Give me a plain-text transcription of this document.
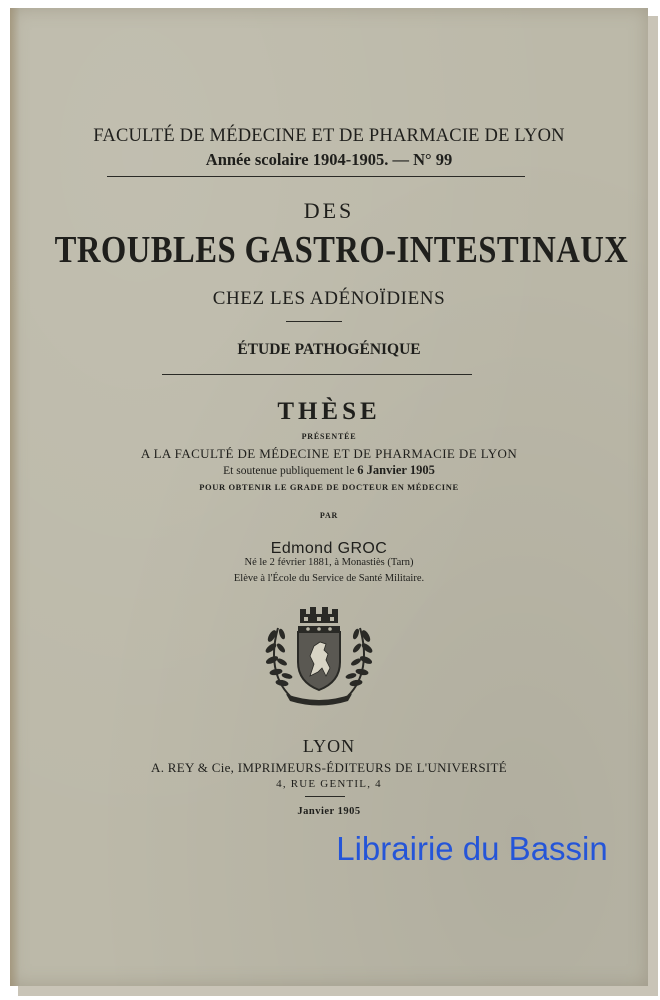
FACULTÉ DE MÉDECINE ET DE PHARMACIE DE LYON
Année scolaire 1904-1905. — N° 99
DES
TROUBLES GASTRO-INTESTINAUX
CHEZ LES ADÉNOÏDIENS
ÉTUDE PATHOGÉNIQUE
THÈSE
PRÉSENTÉE
A LA FACULTÉ DE MÉDECINE ET DE PHARMACIE DE LYON
Et soutenue publiquement le 6 Janvier 1905
POUR OBTENIR LE GRADE DE DOCTEUR EN MÉDECINE
PAR
Edmond GROC
Né le 2 février 1881, à Monastiès (Tarn)
Elève à l'École du Service de Santé Militaire.
LYON
A. REY & Cie, IMPRIMEURS-ÉDITEURS DE L'UNIVERSITÉ
4, RUE GENTIL, 4
Janvier 1905
Librairie du Bassin
